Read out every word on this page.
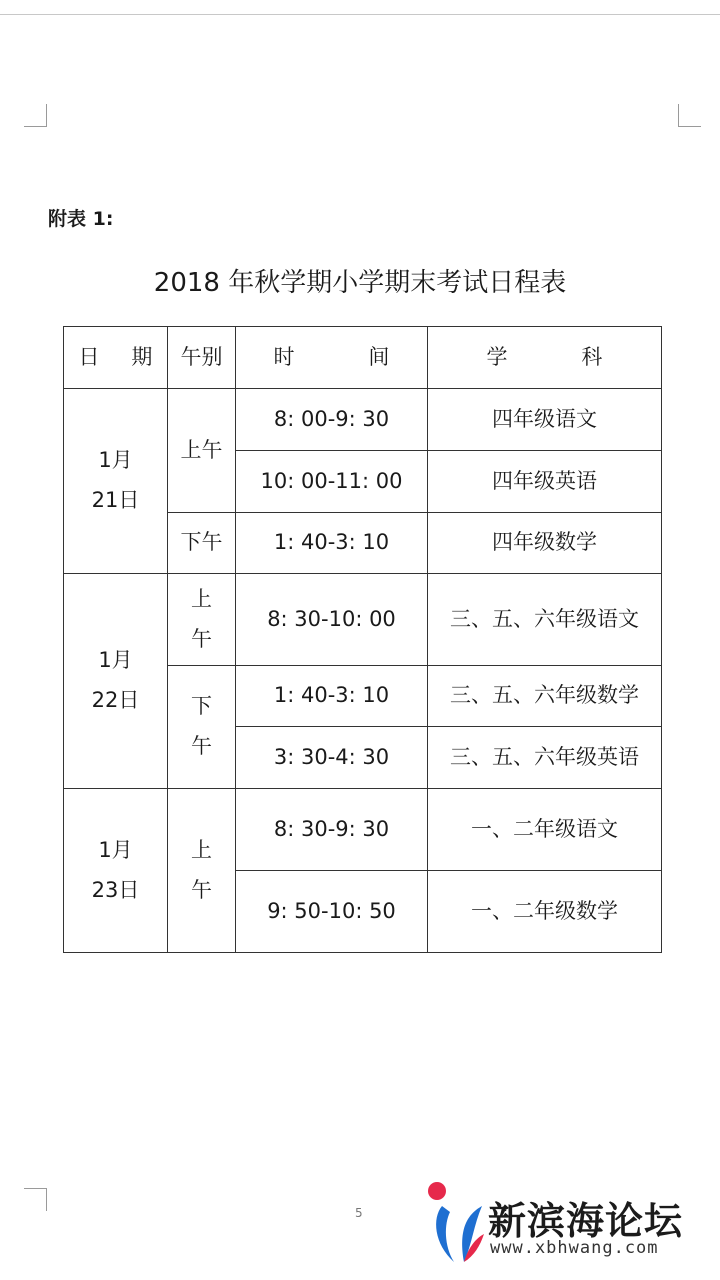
附表 1:
2018 年秋学期小学期末考试日程表
日 期	午别	时 间	学 科
1月 21日	上午	8: 00-9: 30	四年级语文
		10: 00-11: 00	四年级英语
	下午	1: 40-3: 10	四年级数学
1月 22日	上午	8: 30-10: 00	三、五、六年级语文
	下午	1: 40-3: 10	三、五、六年级数学
		3: 30-4: 30	三、五、六年级英语
1月 23日	上午	8: 30-9: 30	一、二年级语文
		9: 50-10: 50	一、二年级数学
5	新滨海论坛
www.xbhwang.com
